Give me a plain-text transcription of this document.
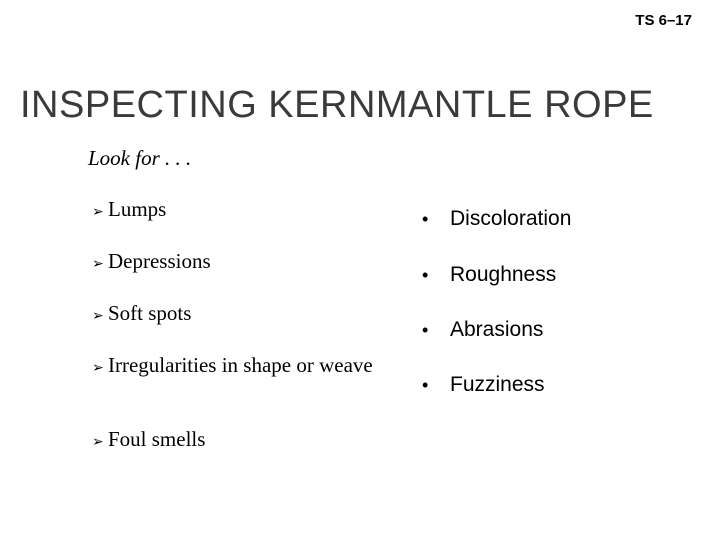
TS 6–17
INSPECTING KERNMANTLE ROPE
Look for . . .
➢ Lumps
➢ Depressions
➢ Soft spots
➢ Irregularities in shape or weave
➢ Foul smells
• Discoloration
• Roughness
• Abrasions
• Fuzziness
